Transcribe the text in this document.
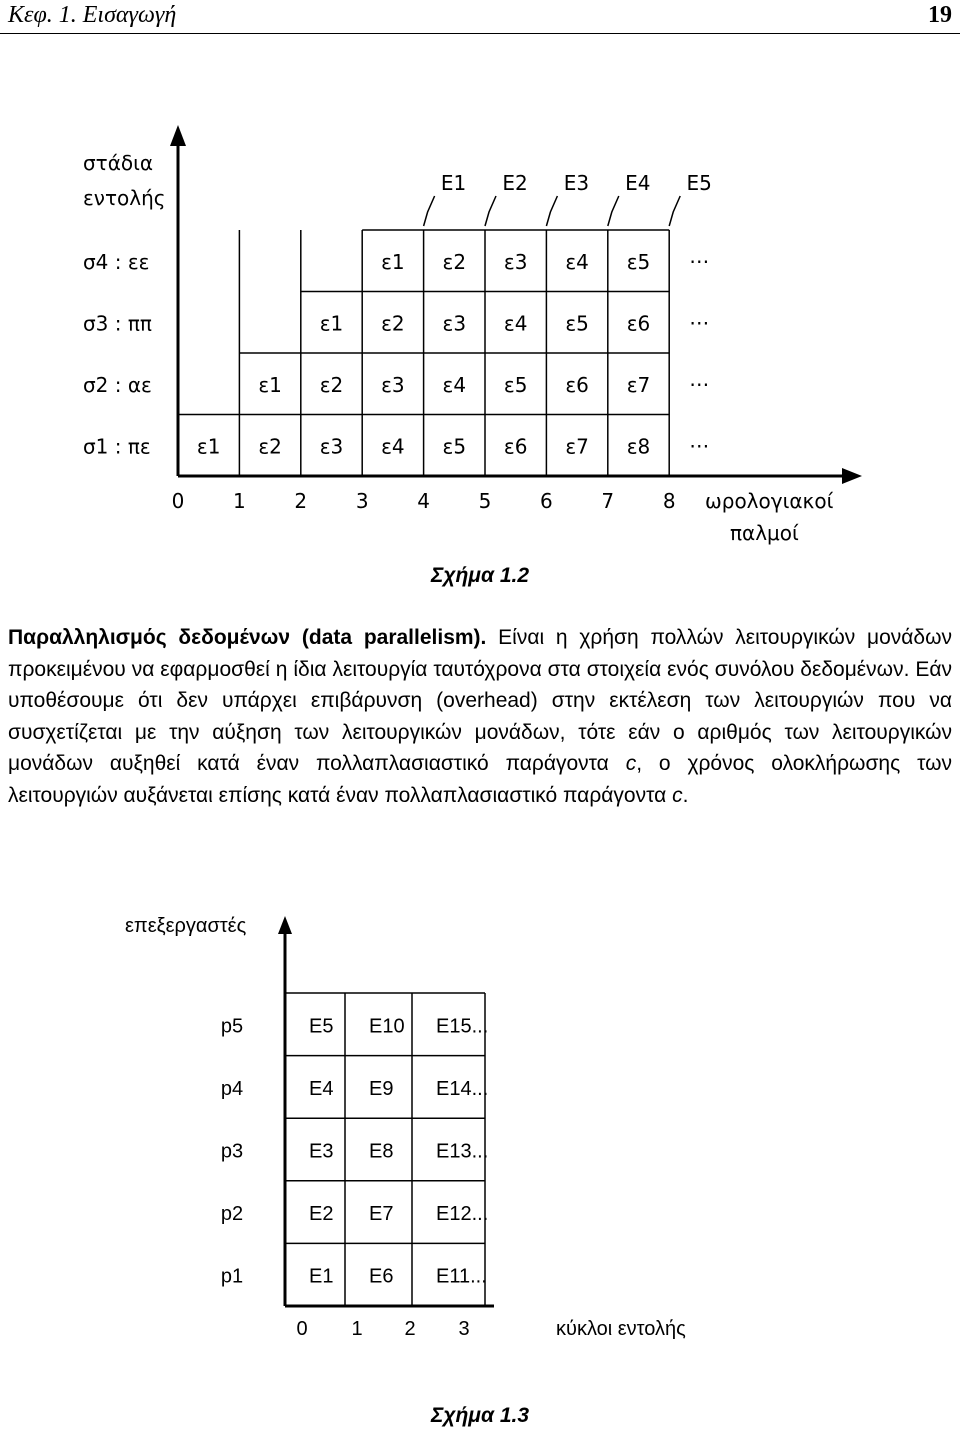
Κεφ. 1. Εισαγωγή	19
ε1 ε2 ε3 ε4 ε5
ε1 ε2 ε3 ε4 ε5 ε6
ε1 ε2 ε3 ε4 ε5 ε6 ε7
ε1 ε2 ε3 ε4 ε5 ε6 ε7 ε8
…
…
…
…
σ4 : εε
σ3 : ππ
σ2 : αε
σ1 : πε
0 1 2 3 4 5 6 7 8
Ε1 Ε2 Ε3 Ε4 Ε5
στάδια
εντολής
ωρολογιακοί
παλμοί
Σχήμα 1.2
Παραλληλισμός δεδομένων (data parallelism). Είναι η χρήση πολλών λειτουργικών μονάδων προκειμένου να εφαρμοσθεί η ίδια λειτουργία ταυτόχρονα στα στοιχεία ενός συνόλου δεδομένων. Εάν υποθέσουμε ότι δεν υπάρχει επιβάρυνση (overhead) στην εκτέλεση των λειτουργιών που να συσχετίζεται με την αύξηση των λειτουργικών μονάδων, τότε εάν ο αριθμός των λειτουργικών μονάδων αυξηθεί κατά έναν πολλαπλασιαστικό παράγοντα c, ο χρόνος ολοκλήρωσης των λειτουργιών αυξάνεται επίσης κατά έναν πολλαπλασιαστικό παράγοντα c.
Ε5 Ε10 Ε15...
Ε4 Ε9 Ε14...
Ε3 Ε8 Ε13...
Ε2 Ε7 Ε12...
Ε1 Ε6 Ε11...
p5
p4
p3
p2
p1
0 1 2 3
επεξεργαστές
κύκλοι εντολής
Σχήμα 1.3
